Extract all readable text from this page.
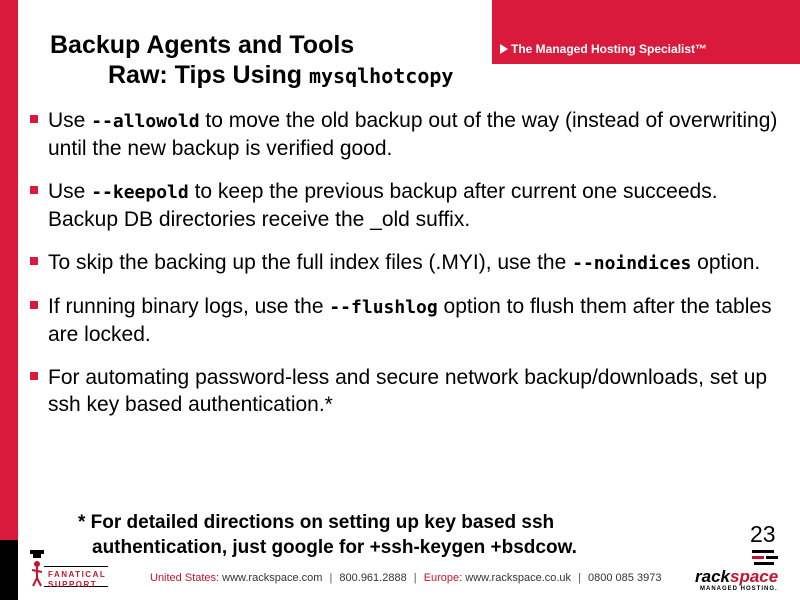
The Managed Hosting Specialist™
Backup Agents and Tools
Raw: Tips Using mysqlhotcopy
Use --allowold to move the old backup out of the way (instead of overwriting) until the new backup is verified good.
Use --keepold to keep the previous backup after current one succeeds. Backup DB directories receive the _old suffix.
To skip the backing up the full index files (.MYI), use the --noindices option.
If running binary logs, use the --flushlog option to flush them after the tables are locked.
For automating password-less and secure network backup/downloads, set up ssh key based authentication.*
* For detailed directions on setting up key based ssh
authentication, just google for +ssh-keygen +bsdcow.
23
FANATICAL
SUPPORT
United States: www.rackspace.com | 800.961.2888 | Europe: www.rackspace.co.uk | 0800 085 3973 rackspace
MANAGED HOSTING.
